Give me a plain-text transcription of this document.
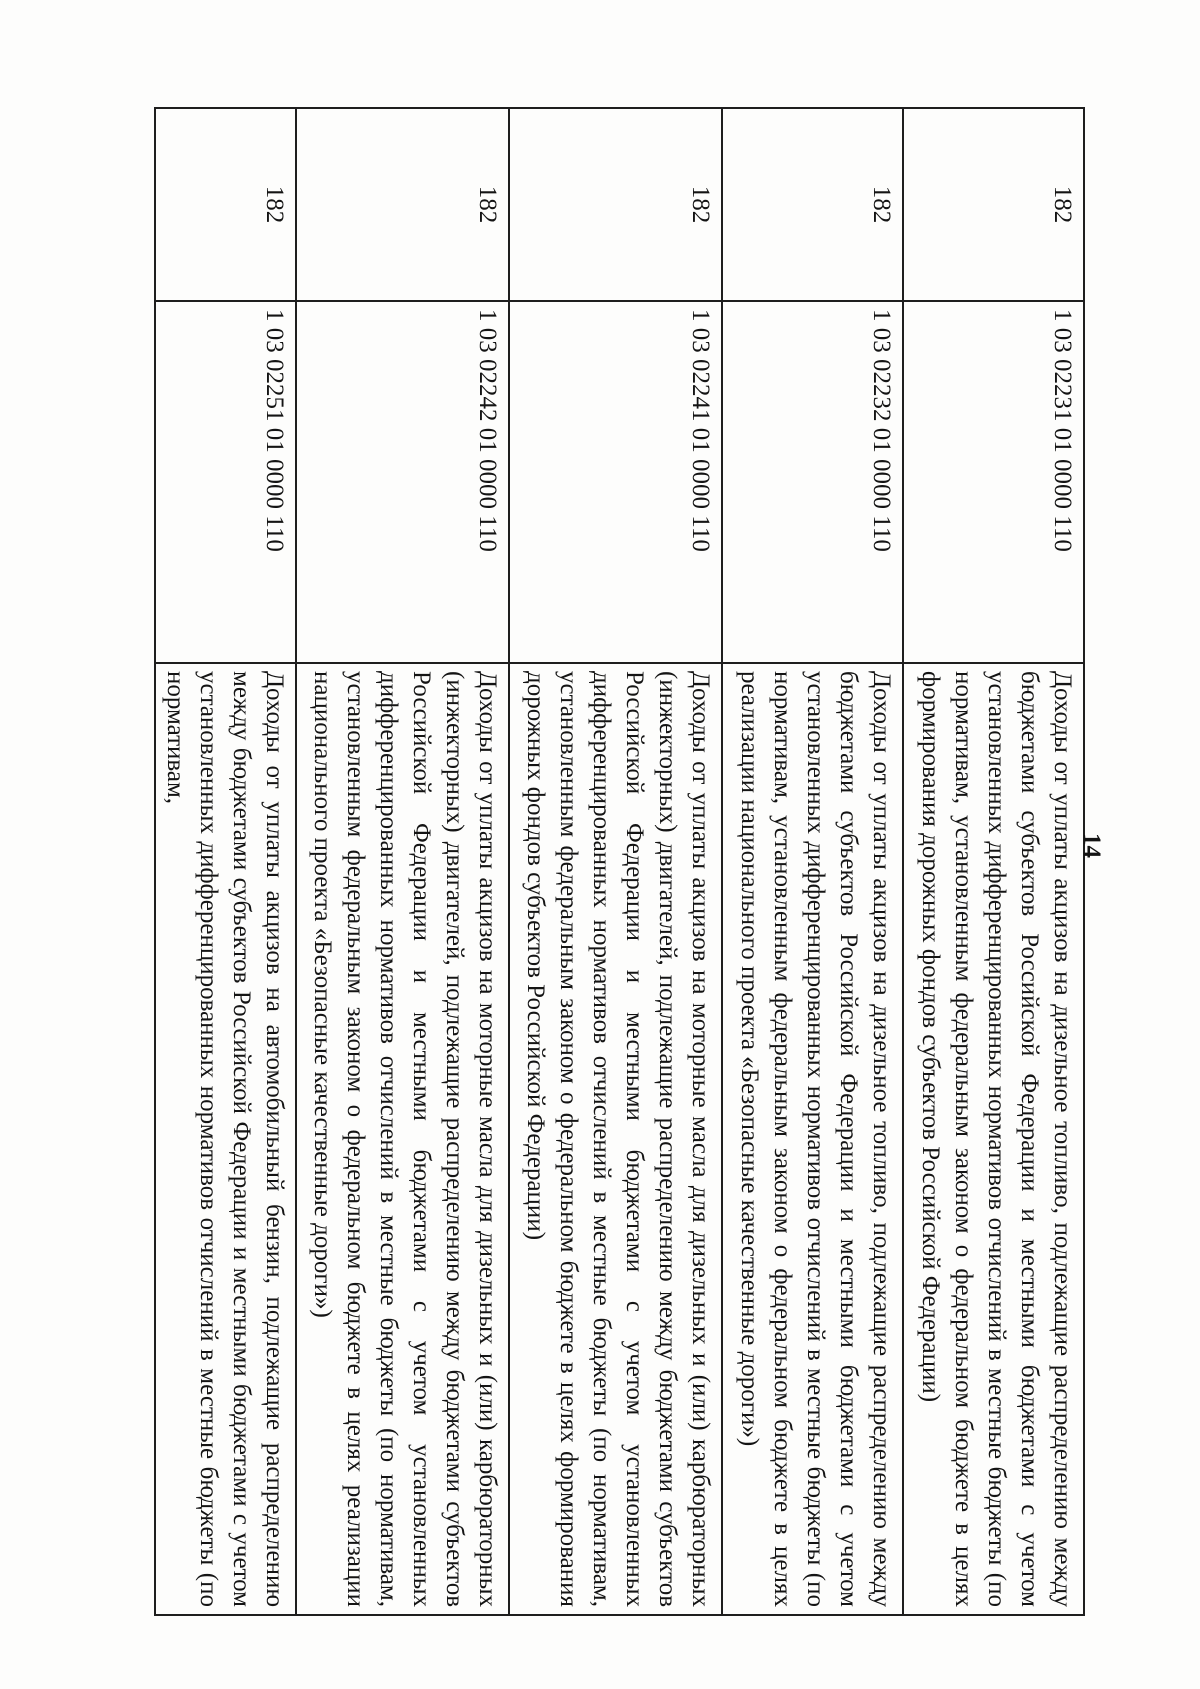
182	1 03 02231 01 0000 110	Доходы от уплаты акцизов на дизельное топливо, подлежащие распределению между бюджетами субъектов Российской Федерации и местными бюджетами с учетом установленных дифференцированных нормативов отчислений в местные бюджеты (по нормативам, установленным федеральным законом о федеральном бюджете в целях формирования дорожных фондов субъектов Российской Федерации)
182	1 03 02232 01 0000 110	Доходы от уплаты акцизов на дизельное топливо, подлежащие распределению между бюджетами субъектов Российской Федерации и местными бюджетами с учетом установленных дифференцированных нормативов отчислений в местные бюджеты (по нормативам, установленным федеральным законом о федеральном бюджете в целях реализации национального проекта «Безопасные качественные дороги»)
182	1 03 02241 01 0000 110	Доходы от уплаты акцизов на моторные масла для дизельных и (или) карбюраторных (инжекторных) двигателей, подлежащие распределению между бюджетами субъектов Российской Федерации и местными бюджетами с учетом установленных дифференцированных нормативов отчислений в местные бюджеты (по нормативам, установленным федеральным законом о федеральном бюджете в целях формирования дорожных фондов субъектов Российской Федерации)
182	1 03 02242 01 0000 110	Доходы от уплаты акцизов на моторные масла для дизельных и (или) карбюраторных (инжекторных) двигателей, подлежащие распределению между бюджетами субъектов Российской Федерации и местными бюджетами с учетом установленных дифференцированных нормативов отчислений в местные бюджеты (по нормативам, установленным федеральным законом о федеральном бюджете в целях реализации национального проекта «Безопасные качественные дороги»)
182	1 03 02251 01 0000 110	Доходы от уплаты акцизов на автомобильный бензин, подлежащие распределению между бюджетами субъектов Российской Федерации и местными бюджетами с учетом установленных дифференцированных нормативов отчислений в местные бюджеты (по нормативам,
14
